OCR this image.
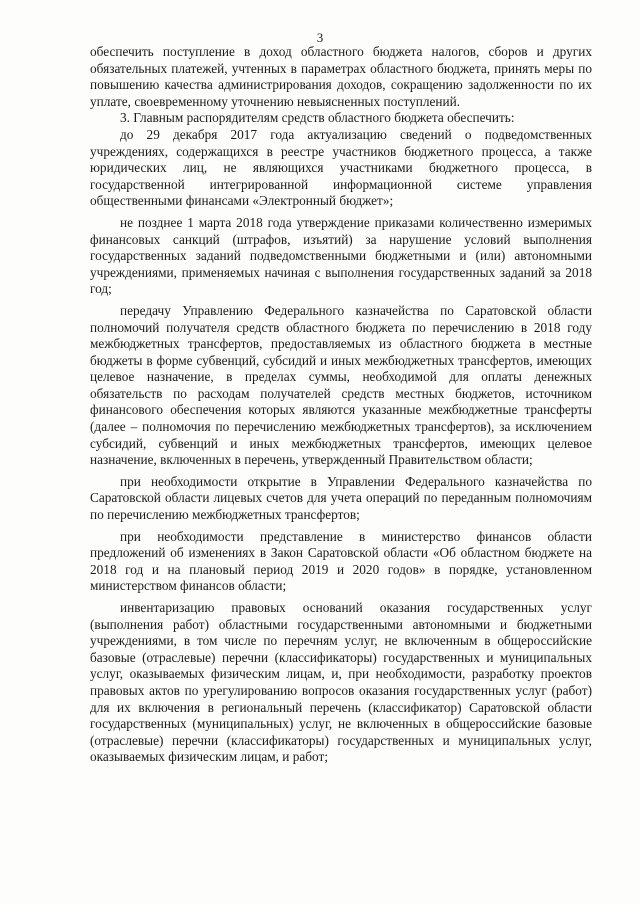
3

обеспечить поступление в доход областного бюджета налогов, сборов и других обязательных платежей, учтенных в параметрах областного бюджета, принять меры по повышению качества администрирования доходов, сокращению задолженности по их уплате, своевременному уточнению невыясненных поступлений.

3. Главным распорядителям средств областного бюджета обеспечить:

до 29 декабря 2017 года актуализацию сведений о подведомственных учреждениях, содержащихся в реестре участников бюджетного процесса, а также юридических лиц, не являющихся участниками бюджетного процесса, в государственной интегрированной информационной системе управления общественными финансами «Электронный бюджет»;

не позднее 1 марта 2018 года утверждение приказами количественно измеримых финансовых санкций (штрафов, изъятий) за нарушение условий выполнения государственных заданий подведомственными бюджетными и (или) автономными учреждениями, применяемых начиная с выполнения государственных заданий за 2018 год;

передачу Управлению Федерального казначейства по Саратовской области полномочий получателя средств областного бюджета по перечислению в 2018 году межбюджетных трансфертов, предоставляемых из областного бюджета в местные бюджеты в форме субвенций, субсидий и иных межбюджетных трансфертов, имеющих целевое назначение, в пределах суммы, необходимой для оплаты денежных обязательств по расходам получателей средств местных бюджетов, источником финансового обеспечения которых являются указанные межбюджетные трансферты (далее – полномочия по перечислению межбюджетных трансфертов), за исключением субсидий, субвенций и иных межбюджетных трансфертов, имеющих целевое назначение, включенных в перечень, утвержденный Правительством области;

при необходимости открытие в Управлении Федерального казначейства по Саратовской области лицевых счетов для учета операций по переданным полномочиям по перечислению межбюджетных трансфертов;

при необходимости представление в министерство финансов области предложений об изменениях в Закон Саратовской области «Об областном бюджете на 2018 год и на плановый период 2019 и 2020 годов» в порядке, установленном министерством финансов области;

инвентаризацию правовых оснований оказания государственных услуг (выполнения работ) областными государственными автономными и бюджетными учреждениями, в том числе по перечням услуг, не включенным в общероссийские базовые (отраслевые) перечни (классификаторы) государственных и муниципальных услуг, оказываемых физическим лицам, и, при необходимости, разработку проектов правовых актов по урегулированию вопросов оказания государственных услуг (работ) для их включения в региональный перечень (классификатор) Саратовской области государственных (муниципальных) услуг, не включенных в общероссийские базовые (отраслевые) перечни (классификаторы) государственных и муниципальных услуг, оказываемых физическим лицам, и работ;
